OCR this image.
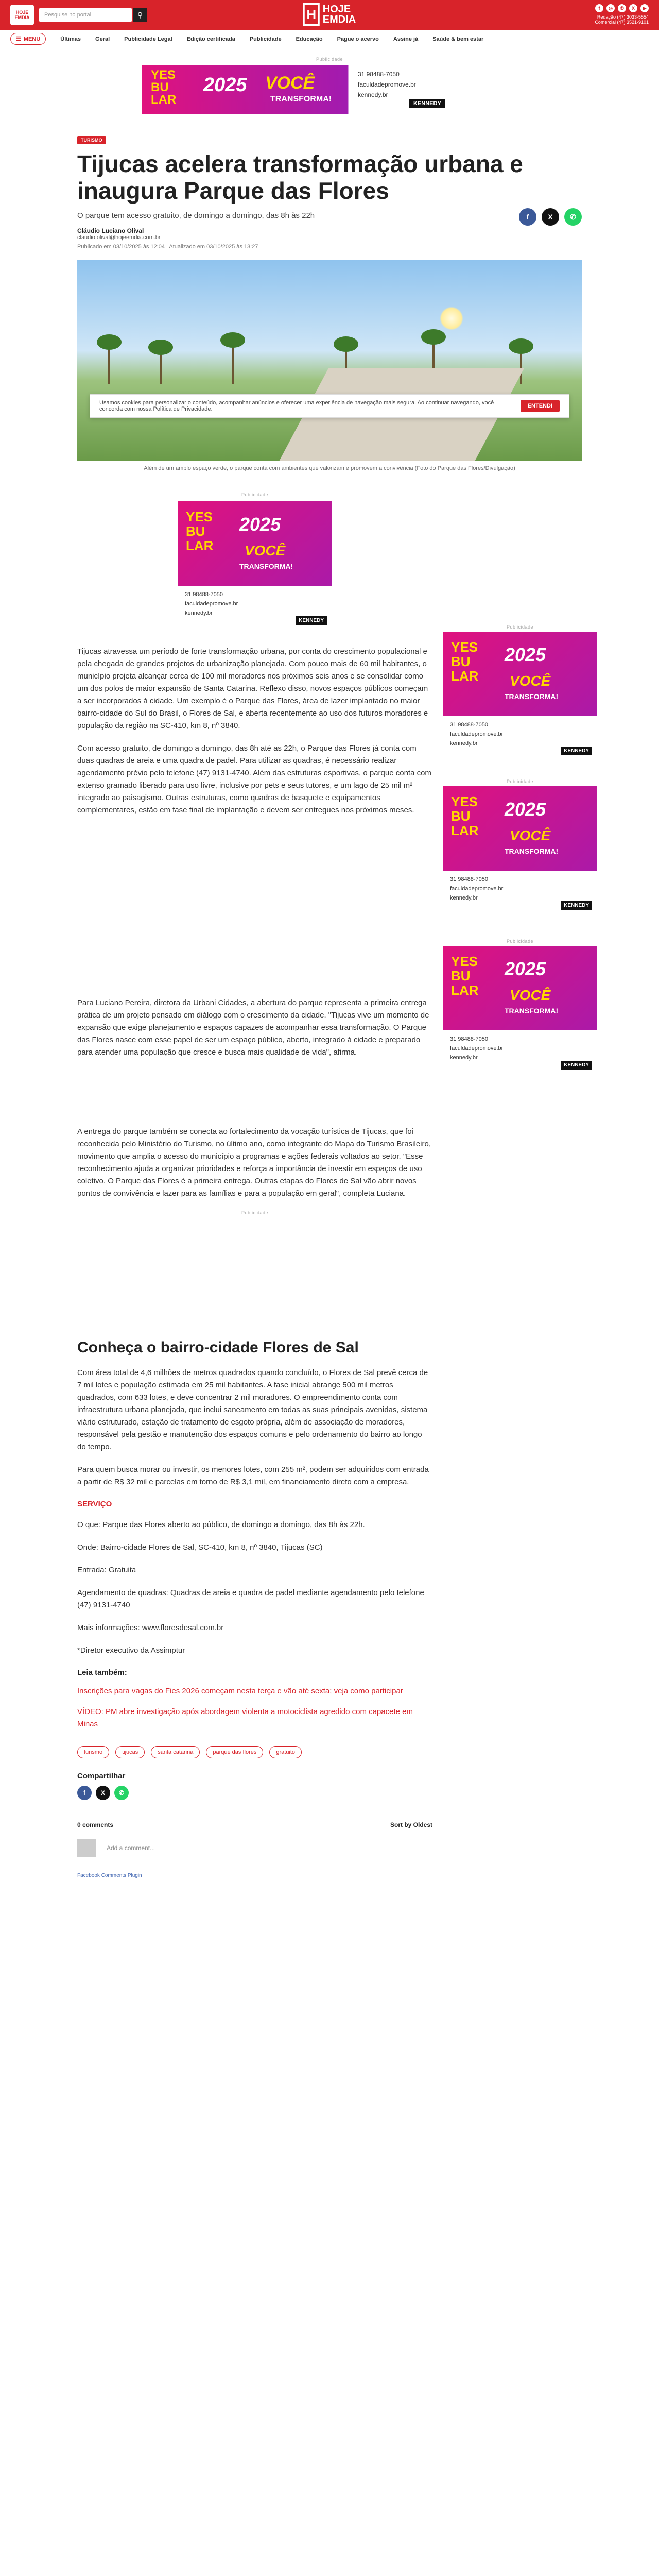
HOJE
EMDIA	Pesquise no portal	⚲	H HOJE
EMDIA
f	◎	✆	X	▶
Redação (47) 3033-5554
Comercial (47) 3521-9101
☰ MENU	Últimas	Geral	Publicidade Legal	Edição certificada	Publicidade	Educação	Pague o acervo	Assine já	Saúde & bem estar
Publicidade
YES
BU
LAR
2025 VOCÊ
TRANSFORMA!
31 98488-7050
faculdadepromove.br
kennedy.br
KENNEDY
TURISMO
Tijucas acelera transformação urbana e inaugura Parque das Flores
O parque tem acesso gratuito, de domingo a domingo, das 8h às 22h
Cláudio Luciano Olival
claudio.olival@hojeemdia.com.br
Publicado em 03/10/2025 às 12:04 | Atualizado em 03/10/2025 às 13:27
f	X	✆
Usamos cookies para personalizar o conteúdo, acompanhar anúncios e oferecer uma experiência de navegação mais segura. Ao continuar navegando, você concorda com nossa Política de Privacidade.	ENTENDI
Além de um amplo espaço verde, o parque conta com ambientes que valorizam e promovem a convivência (Foto do Parque das Flores/Divulgação)
Publicidade
YES
BU
LAR
2025
VOCÊ
TRANSFORMA!
31 98488-7050
faculdadepromove.br
kennedy.br
KENNEDY
Publicidade
YES
BU
LAR
2025
VOCÊ
TRANSFORMA!
31 98488-7050
faculdadepromove.br
kennedy.br
KENNEDY
Publicidade
YES
BU
LAR
2025
VOCÊ
TRANSFORMA!
31 98488-7050
faculdadepromove.br
kennedy.br
KENNEDY
Publicidade
YES
BU
LAR
2025
VOCÊ
TRANSFORMA!
31 98488-7050
faculdadepromove.br
kennedy.br
KENNEDY

Tijucas atravessa um período de forte transformação urbana, por conta do crescimento populacional e pela chegada de grandes projetos de urbanização planejada. Com pouco mais de 60 mil habitantes, o município projeta alcançar cerca de 100 mil moradores nos próximos seis anos e se consolidar como um dos polos de maior expansão de Santa Catarina. Reflexo disso, novos espaços públicos começam a ser incorporados à cidade. Um exemplo é o Parque das Flores, área de lazer implantado no maior bairro-cidade do Sul do Brasil, o Flores de Sal, e aberta recentemente ao uso dos futuros moradores e população da região na SC-410, km 8, nº 3840.

Com acesso gratuito, de domingo a domingo, das 8h até as 22h, o Parque das Flores já conta com duas quadras de areia e uma quadra de padel. Para utilizar as quadras, é necessário realizar agendamento prévio pelo telefone (47) 9131-4740. Além das estruturas esportivas, o parque conta com extenso gramado liberado para uso livre, inclusive por pets e seus tutores, e um lago de 25 mil m² integrado ao paisagismo. Outras estruturas, como quadras de basquete e equipamentos complementares, estão em fase final de implantação e devem ser entregues nos próximos meses.

Para Luciano Pereira, diretora da Urbani Cidades, a abertura do parque representa a primeira entrega prática de um projeto pensado em diálogo com o crescimento da cidade. "Tijucas vive um momento de expansão que exige planejamento e espaços capazes de acompanhar essa transformação. O Parque das Flores nasce com esse papel de ser um espaço público, aberto, integrado à cidade e preparado para atender uma população que cresce e busca mais qualidade de vida", afirma.

A entrega do parque também se conecta ao fortalecimento da vocação turística de Tijucas, que foi reconhecida pelo Ministério do Turismo, no último ano, como integrante do Mapa do Turismo Brasileiro, movimento que amplia o acesso do município a programas e ações federais voltados ao setor. "Esse reconhecimento ajuda a organizar prioridades e reforça a importância de investir em espaços de uso coletivo. O Parque das Flores é a primeira entrega. Outras etapas do Flores de Sal vão abrir novos pontos de convivência e lazer para as famílias e para a população em geral", completa Luciana.

Publicidade
Conheça o bairro-cidade Flores de Sal

Com área total de 4,6 milhões de metros quadrados quando concluído, o Flores de Sal prevê cerca de 7 mil lotes e população estimada em 25 mil habitantes. A fase inicial abrange 500 mil metros quadrados, com 633 lotes, e deve concentrar 2 mil moradores. O empreendimento conta com infraestrutura urbana planejada, que inclui saneamento em todas as suas principais avenidas, sistema viário estruturado, estação de tratamento de esgoto própria, além de associação de moradores, responsável pela gestão e manutenção dos espaços comuns e pelo ordenamento do bairro ao longo do tempo.

Para quem busca morar ou investir, os menores lotes, com 255 m², podem ser adquiridos com entrada a partir de R$ 32 mil e parcelas em torno de R$ 3,1 mil, em financiamento direto com a empresa.

SERVIÇO

O que: Parque das Flores aberto ao público, de domingo a domingo, das 8h às 22h.

Onde: Bairro-cidade Flores de Sal, SC-410, km 8, nº 3840, Tijucas (SC)

Entrada: Gratuita

Agendamento de quadras: Quadras de areia e quadra de padel mediante agendamento pelo telefone (47) 9131-4740

Mais informações: www.floresdesal.com.br

*Diretor executivo da Assimptur

Leia também:

Inscrições para vagas do Fies 2026 começam nesta terça e vão até sexta; veja como participar

VÍDEO: PM abre investigação após abordagem violenta a motociclista agredido com capacete em Minas

turismo	tijucas	santa catarina	parque das flores	gratuito
Compartilhar
f	X	✆
0 comments	Sort by Oldest
Add a comment...
Facebook Comments Plugin
